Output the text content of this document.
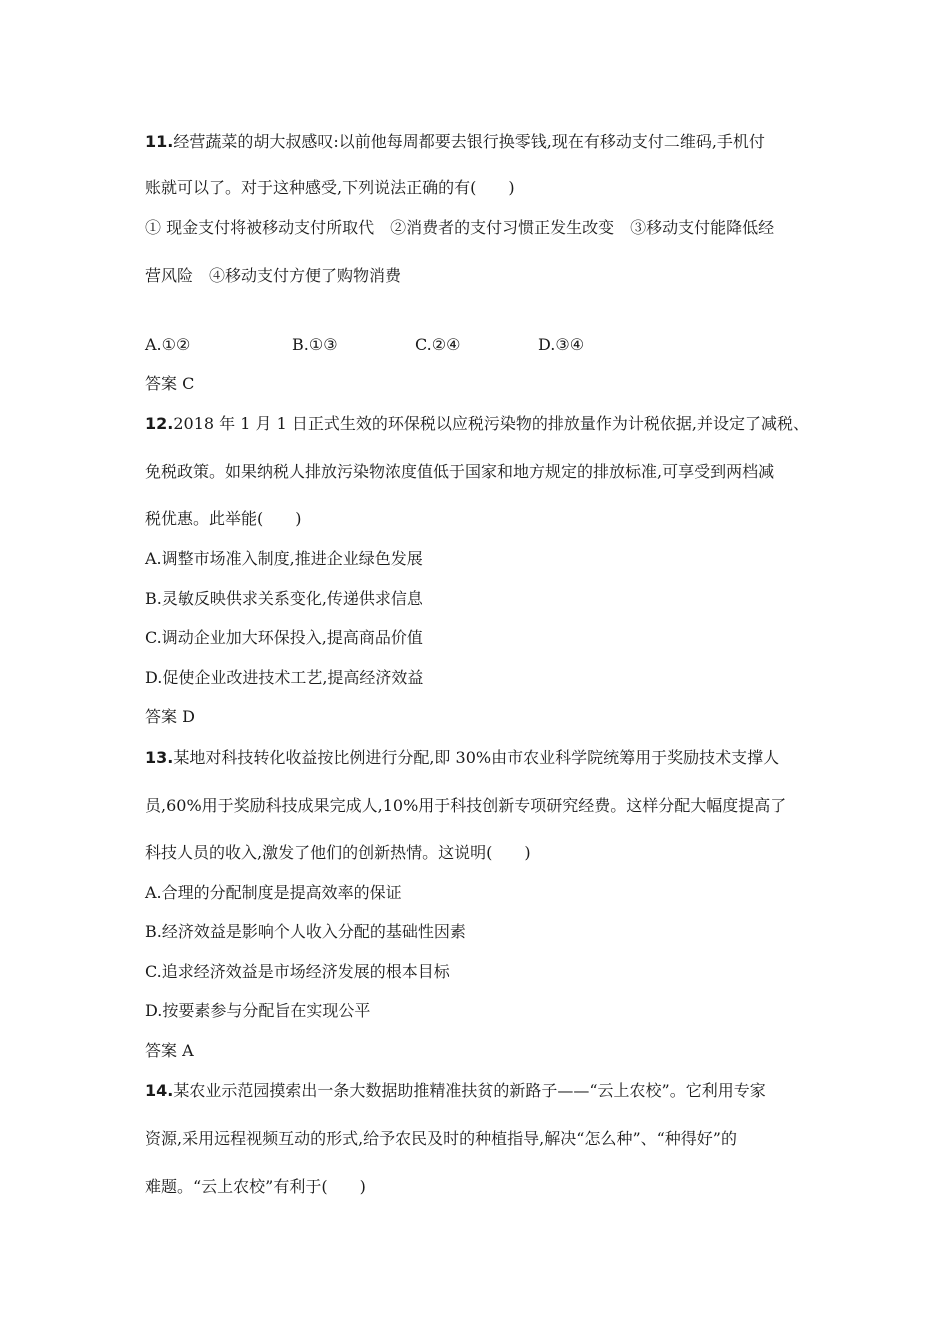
11.经营蔬菜的胡大叔感叹:以前他每周都要去银行换零钱,现在有移动支付二维码,手机付
账就可以了。对于这种感受,下列说法正确的有(　　)
① 现金支付将被移动支付所取代　②消费者的支付习惯正发生改变　③移动支付能降低经
营风险　④移动支付方便了购物消费
A.①②	B.①③	C.②④	D.③④
答案 C
12.2018 年 1 月 1 日正式生效的环保税以应税污染物的排放量作为计税依据,并设定了减税、
免税政策。如果纳税人排放污染物浓度值低于国家和地方规定的排放标准,可享受到两档减
税优惠。此举能(　　)
A.调整市场准入制度,推进企业绿色发展
B.灵敏反映供求关系变化,传递供求信息
C.调动企业加大环保投入,提高商品价值
D.促使企业改进技术工艺,提高经济效益
答案 D
13.某地对科技转化收益按比例进行分配,即 30%由市农业科学院统筹用于奖励技术支撑人
员,60%用于奖励科技成果完成人,10%用于科技创新专项研究经费。这样分配大幅度提高了
科技人员的收入,激发了他们的创新热情。这说明(　　)
A.合理的分配制度是提高效率的保证
B.经济效益是影响个人收入分配的基础性因素
C.追求经济效益是市场经济发展的根本目标
D.按要素参与分配旨在实现公平
答案 A
14.某农业示范园摸索出一条大数据助推精准扶贫的新路子——“云上农校”。它利用专家
资源,采用远程视频互动的形式,给予农民及时的种植指导,解决“怎么种”、“种得好”的
难题。“云上农校”有利于(　　)
